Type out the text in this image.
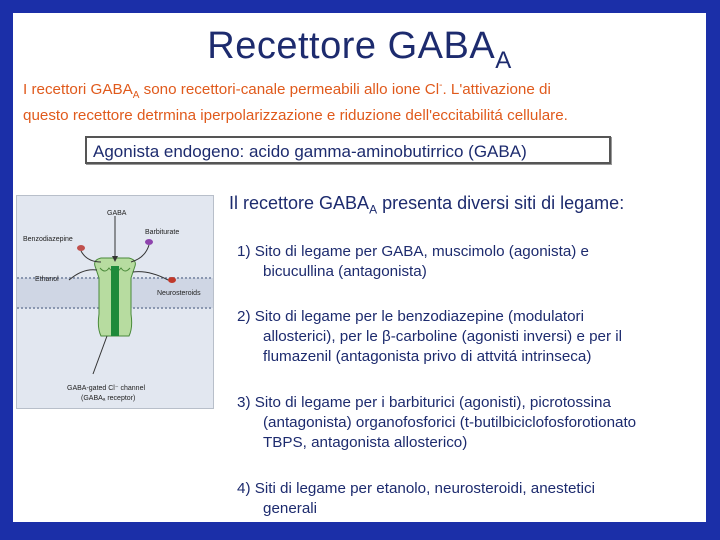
Recettore $GABA_A$
I recettori $GABA_A$ sono recettori-canale permeabili allo ione Cl-. L'attivazione di
questo recettore detrmina iperpolarizzazione e riduzione dell'eccitabilitá cellulare.
Agonista endogeno: acido gamma-aminobutirrico (GABA)
GABA
Benzodiazepine
Barbiturate
Ethanol
Neurosteroids
GABA-gated Cl⁻ channel
(GABAₐ receptor)
Il recettore $GABA_A$ presenta diversi siti di legame:
1) Sito di legame per GABA, muscimolo (agonista) e
bicucullina (antagonista)
2) Sito di legame per le benzodiazepine (modulatori
allosterici), per le β-carboline (agonisti inversi) e per il
flumazenil (antagonista privo di attvitá intrinseca)
3) Sito di legame per i barbiturici (agonisti), picrotossina
(antagonista) organofosforici (t-butilbiciclofosforotionato
TBPS, antagonista allosterico)
4) Siti di legame per etanolo, neurosteroidi, anestetici
generali
